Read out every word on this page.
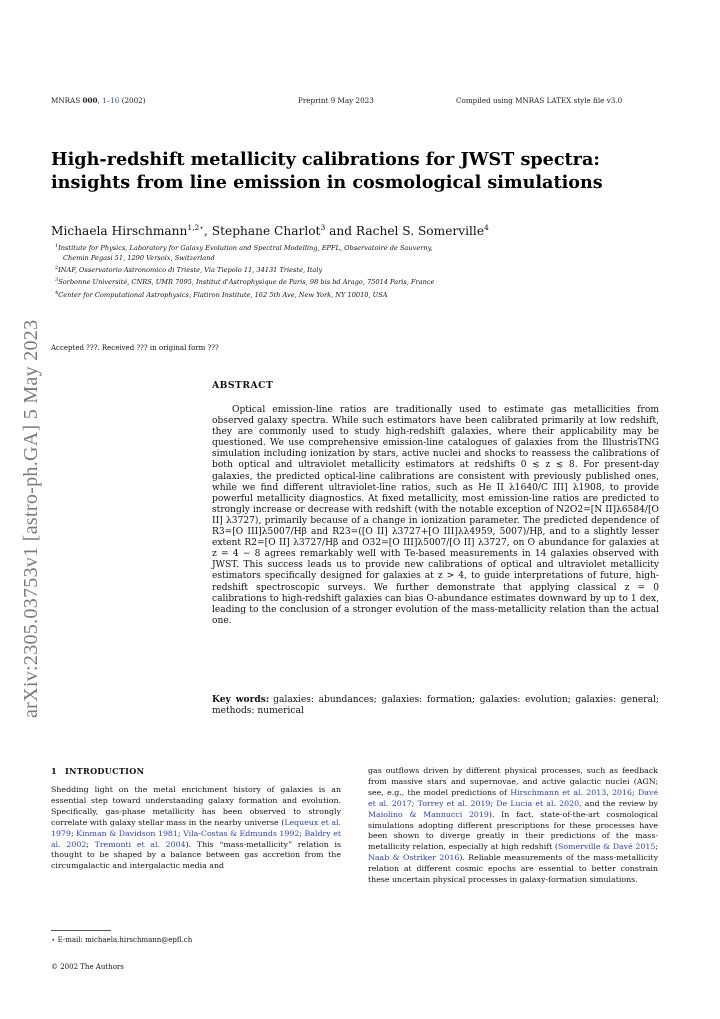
MNRAS 000, 1–16 (2002)	Preprint 9 May 2023	Compiled using MNRAS LATEX style file v3.0
arXiv:2305.03753v1 [astro-ph.GA] 5 May 2023
High-redshift metallicity calibrations for JWST spectra:
insights from line emission in cosmological simulations
Michaela Hirschmann$^{1,2⋆}$, Stephane Charlot$^3$ and Rachel S. Somerville$^4$
$^1$Institute for Physics, Laboratory for Galaxy Evolution and Spectral Modelling, EPFL, Observatoire de Sauverny,
Chemin Pegasi 51, 1290 Versoix, Switzerland
$^2$INAF, Osservatorio Astronomico di Trieste, Via Tiepolo 11, 34131 Trieste, Italy
$^3$Sorbonne Université, CNRS, UMR 7095, Institut d'Astrophysique de Paris, 98 bis bd Arago, 75014 Paris, France
$^4$Center for Computational Astrophysics, Flatiron Institute, 162 5th Ave, New York, NY 10010, USA
Accepted ???. Received ??? in original form ???
ABSTRACT
Optical emission-line ratios are traditionally used to estimate gas metallicities from observed galaxy spectra. While such estimators have been calibrated primarily at low redshift, they are commonly used to study high-redshift galaxies, where their applicability may be questioned. We use comprehensive emission-line catalogues of galaxies from the IllustrisTNG simulation including ionization by stars, active nuclei and shocks to reassess the calibrations of both optical and ultraviolet metallicity estimators at redshifts 0 ≲ z ≲ 8. For present-day galaxies, the predicted optical-line calibrations are consistent with previously published ones, while we find different ultraviolet-line ratios, such as He II λ1640/C III] λ1908, to provide powerful metallicity diagnostics. At fixed metallicity, most emission-line ratios are predicted to strongly increase or decrease with redshift (with the notable exception of N2O2=[N II]λ6584/[O II] λ3727), primarily because of a change in ionization parameter. The predicted dependence of R3=[O III]λ5007/Hβ and R23=([O II] λ3727+[O III]λλ4959, 5007)/Hβ, and to a slightly lesser extent R2=[O II] λ3727/Hβ and O32=[O III]λ5007/[O II] λ3727, on O abundance for galaxies at z = 4 − 8 agrees remarkably well with Te-based measurements in 14 galaxies observed with JWST. This success leads us to provide new calibrations of optical and ultraviolet metallicity estimators specifically designed for galaxies at z > 4, to guide interpretations of future, high-redshift spectroscopic surveys. We further demonstrate that applying classical z = 0 calibrations to high-redshift galaxies can bias O-abundance estimates downward by up to 1 dex, leading to the conclusion of a stronger evolution of the mass-metallicity relation than the actual one.
Key words: galaxies: abundances; galaxies: formation; galaxies: evolution; galaxies: general; methods: numerical
1 INTRODUCTION
Shedding light on the metal enrichment history of galaxies is an essential step toward understanding galaxy formation and evolution. Specifically, gas-phase metallicity has been observed to strongly correlate with galaxy stellar mass in the nearby universe (Lequeux et al. 1979; Kinman & Davidson 1981; Vila-Costas & Edmunds 1992; Baldry et al. 2002; Tremonti et al. 2004). This “mass-metallicity” relation is thought to be shaped by a balance between gas accretion from the circumgalactic and intergalactic media and
gas outflows driven by different physical processes, such as feedback from massive stars and supernovae, and active galactic nuclei (AGN; see, e.g., the model predictions of Hirschmann et al. 2013, 2016; Davé et al. 2017; Torrey et al. 2019; De Lucia et al. 2020, and the review by Maiolino & Mannucci 2019). In fact, state-of-the-art cosmological simulations adopting different prescriptions for these processes have been shown to diverge greatly in their predictions of the mass-metallicity relation, especially at high redshift (Somerville & Davé 2015; Naab & Ostriker 2016). Reliable measurements of the mass-metallicity relation at different cosmic epochs are essential to better constrain these uncertain physical processes in galaxy-formation simulations.
⋆ E-mail: michaela.hirschmann@epfl.ch
© 2002 The Authors
